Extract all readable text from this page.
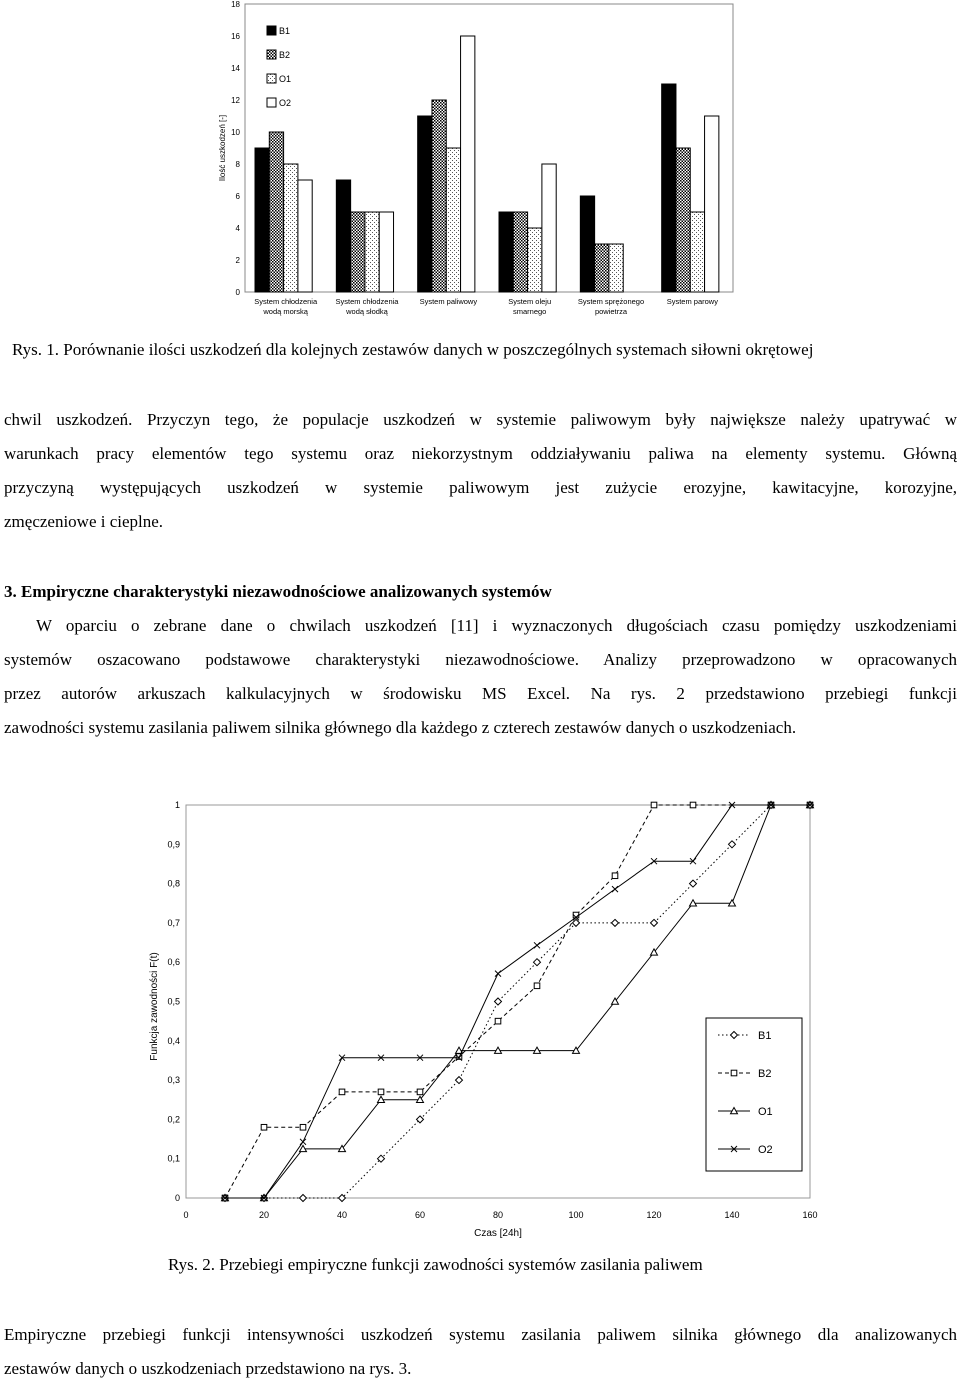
0
2
4
6
8
10
12
14
16
18
Ilość uszkodzeń [-]
System chłodzenia
wodą morską
System chłodzenia
wodą słodką
System paliwowy	System oleju
smarnego
System sprężonego
powietrza
System parowy
B1
B2
O1
O2
Rys. 1. Porównanie ilości uszkodzeń dla kolejnych zestawów danych w poszczególnych systemach siłowni okrętowej
chwil uszkodzeń. Przyczyn tego, że populacje uszkodzeń w systemie paliwowym były największe należy upatrywać w
warunkach pracy elementów tego systemu oraz niekorzystnym oddziaływaniu paliwa na elementy systemu. Główną
przyczyną występujących uszkodzeń w systemie paliwowym jest zużycie erozyjne, kawitacyjne, korozyjne,
zmęczeniowe i cieplne.
3. Empiryczne charakterystyki niezawodnościowe analizowanych systemów
W oparciu o zebrane dane o chwilach uszkodzeń [11] i wyznaczonych długościach czasu pomiędzy uszkodzeniami
systemów oszacowano podstawowe charakterystyki niezawodnościowe. Analizy przeprowadzono w opracowanych
przez autorów arkuszach kalkulacyjnych w środowisku MS Excel. Na rys. 2 przedstawiono przebiegi funkcji
zawodności systemu zasilania paliwem silnika głównego dla każdego z czterech zestawów danych o uszkodzeniach.
0
0,1
0,2
0,3
0,4
0,5
0,6
0,7
0,8
0,9
1
0	20	40	60	80	100	120	140	160
Czas [24h]
Funkcja zawodności F(t)	B1
B2
O1
O2
Rys. 2. Przebiegi empiryczne funkcji zawodności systemów zasilania paliwem
Empiryczne przebiegi funkcji intensywności uszkodzeń systemu zasilania paliwem silnika głównego dla analizowanych
zestawów danych o uszkodzeniach przedstawiono na rys. 3.
